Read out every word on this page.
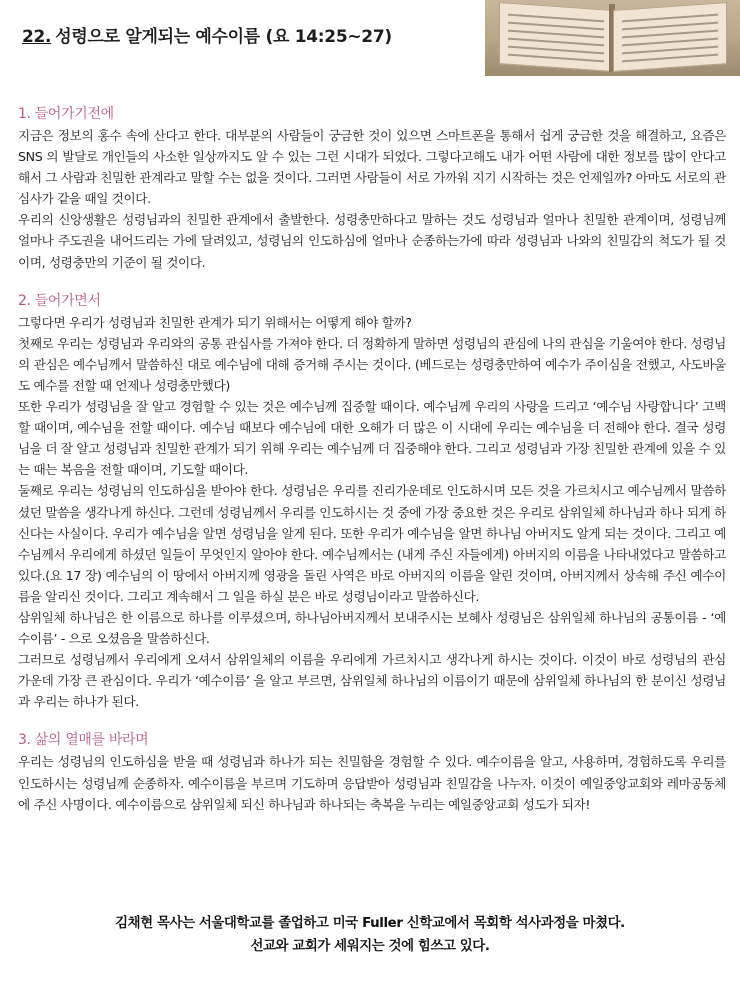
22. 성령으로 알게되는 예수이름 (요 14:25~27)

1. 들어가기전에

지금은 정보의 홍수 속에 산다고 한다. 대부분의 사람들이 궁금한 것이 있으면 스마트폰을 통해서 쉽게 궁금한 것을 해결하고, 요즘은 SNS 의 발달로 개인들의 사소한 일상까지도 알 수 있는 그런 시대가 되었다. 그렇다고해도 내가 어떤 사람에 대한 정보를 많이 안다고 해서 그 사람과 친밀한 관계라고 말할 수는 없을 것이다. 그러면 사람들이 서로 가까워 지기 시작하는 것은 언제일까? 아마도 서로의 관심사가 같을 때일 것이다.

우리의 신앙생활은 성령님과의 친밀한 관계에서 출발한다. 성령충만하다고 말하는 것도 성령님과 얼마나 친밀한 관계이며, 성령님께 얼마나 주도권을 내어드리는 가에 달려있고, 성령님의 인도하심에 얼마나 순종하는가에 따라 성령님과 나와의 친밀감의 척도가 될 것이며, 성령충만의 기준이 될 것이다.

2. 들어가면서

그렇다면 우리가 성령님과 친밀한 관계가 되기 위해서는 어떻게 해야 할까?

첫째로 우리는 성령님과 우리와의 공통 관심사를 가져야 한다. 더 정확하게 말하면 성령님의 관심에 나의 관심을 기울여야 한다. 성령님의 관심은 예수님께서 말씀하신 대로 예수님에 대해 증거해 주시는 것이다. (베드로는 성령충만하여 예수가 주이심을 전했고, 사도바울도 예수를 전할 때 언제나 성령충만했다)

또한 우리가 성령님을 잘 알고 경험할 수 있는 것은 예수님께 집중할 때이다. 예수님께 우리의 사랑을 드리고 ‘예수님 사랑합니다’ 고백할 때이며, 예수님을 전할 때이다. 예수님 때보다 예수님에 대한 오해가 더 많은 이 시대에 우리는 예수님을 더 전해야 한다. 결국 성령님을 더 잘 알고 성령님과 친밀한 관계가 되기 위해 우리는 예수님께 더 집중해야 한다. 그리고 성령님과 가장 친밀한 관계에 있을 수 있는 때는 복음을 전할 때이며, 기도할 때이다.

둘째로 우리는 성령님의 인도하심을 받아야 한다. 성령님은 우리를 진리가운데로 인도하시며 모든 것을 가르치시고 예수님께서 말씀하셨던 말씀을 생각나게 하신다. 그런데 성령님께서 우리를 인도하시는 것 중에 가장 중요한 것은 우리로 삼위일체 하나님과 하나 되게 하신다는 사실이다. 우리가 예수님을 알면 성령님을 알게 된다. 또한 우리가 예수님을 알면 하나님 아버지도 알게 되는 것이다. 그리고 예수님께서 우리에게 하셨던 일들이 무엇인지 알아야 한다. 예수님께서는 (내게 주신 자들에게) 아버지의 이름을 나타내었다고 말씀하고 있다.(요 17 장) 예수님의 이 땅에서 아버지께 영광을 돌린 사역은 바로 아버지의 이름을 알린 것이며, 아버지께서 상속해 주신 예수이름을 알리신 것이다. 그리고 계속해서 그 일을 하실 분은 바로 성령님이라고 말씀하신다.

삼위일체 하나님은 한 이름으로 하나를 이루셨으며, 하나님아버지께서 보내주시는 보혜사 성령님은 삼위일체 하나님의 공통이름 - ‘예수이름’ - 으로 오셨음을 말씀하신다.

그러므로 성령님께서 우리에게 오셔서 삼위일체의 이름을 우리에게 가르치시고 생각나게 하시는 것이다. 이것이 바로 성령님의 관심 가운데 가장 큰 관심이다. 우리가 ‘예수이름’ 을 알고 부르면, 삼위일체 하나님의 이름이기 때문에 삼위일체 하나님의 한 분이신 성령님과 우리는 하나가 된다.

3. 삶의 열매를 바라며

우리는 성령님의 인도하심을 받을 때 성령님과 하나가 되는 친밀함을 경험할 수 있다. 예수이름을 알고, 사용하며, 경험하도록 우리를 인도하시는 성령님께 순종하자. 예수이름을 부르며 기도하며 응답받아 성령님과 친밀감을 나누자. 이것이 예일중앙교회와 레마공동체에 주신 사명이다. 예수이름으로 삼위일체 되신 하나님과 하나되는 축복을 누리는 예일중앙교회 성도가 되자!

김채현 목사는 서울대학교를 졸업하고 미국 Fuller 신학교에서 목회학 석사과정을 마쳤다.
선교와 교회가 세워지는 것에 힘쓰고 있다.
